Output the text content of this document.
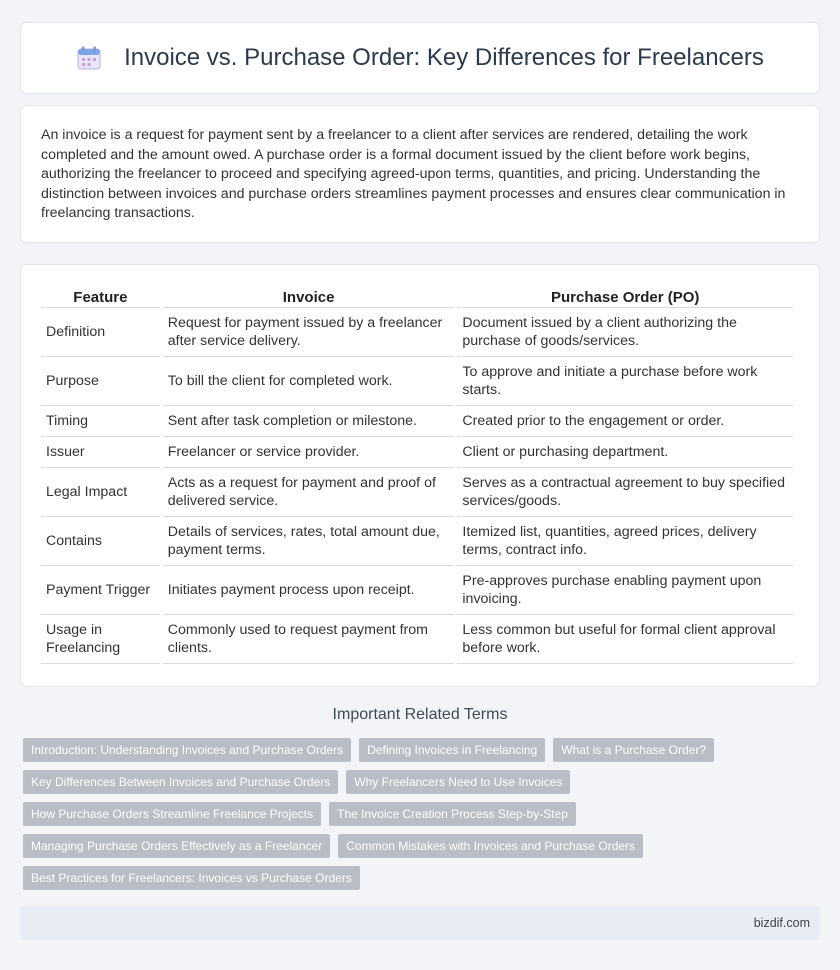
Invoice vs. Purchase Order: Key Differences for Freelancers

An invoice is a request for payment sent by a freelancer to a client after services are rendered, detailing the work completed and the amount owed. A purchase order is a formal document issued by the client before work begins, authorizing the freelancer to proceed and specifying agreed-upon terms, quantities, and pricing. Understanding the distinction between invoices and purchase orders streamlines payment processes and ensures clear communication in freelancing transactions.

Feature	Invoice	Purchase Order (PO)
Definition	Request for payment issued by a freelancer after service delivery.	Document issued by a client authorizing the purchase of goods/services.
Purpose	To bill the client for completed work.	To approve and initiate a purchase before work starts.
Timing	Sent after task completion or milestone.	Created prior to the engagement or order.
Issuer	Freelancer or service provider.	Client or purchasing department.
Legal Impact	Acts as a request for payment and proof of delivered service.	Serves as a contractual agreement to buy specified services/goods.
Contains	Details of services, rates, total amount due, payment terms.	Itemized list, quantities, agreed prices, delivery terms, contract info.
Payment Trigger	Initiates payment process upon receipt.	Pre-approves purchase enabling payment upon invoicing.
Usage in Freelancing	Commonly used to request payment from clients.	Less common but useful for formal client approval before work.
Important Related Terms
Introduction: Understanding Invoices and Purchase Orders	Defining Invoices in Freelancing	What is a Purchase Order?
Key Differences Between Invoices and Purchase Orders	Why Freelancers Need to Use Invoices
How Purchase Orders Streamline Freelance Projects	The Invoice Creation Process Step-by-Step
Managing Purchase Orders Effectively as a Freelancer	Common Mistakes with Invoices and Purchase Orders
Best Practices for Freelancers: Invoices vs Purchase Orders
bizdif.com
